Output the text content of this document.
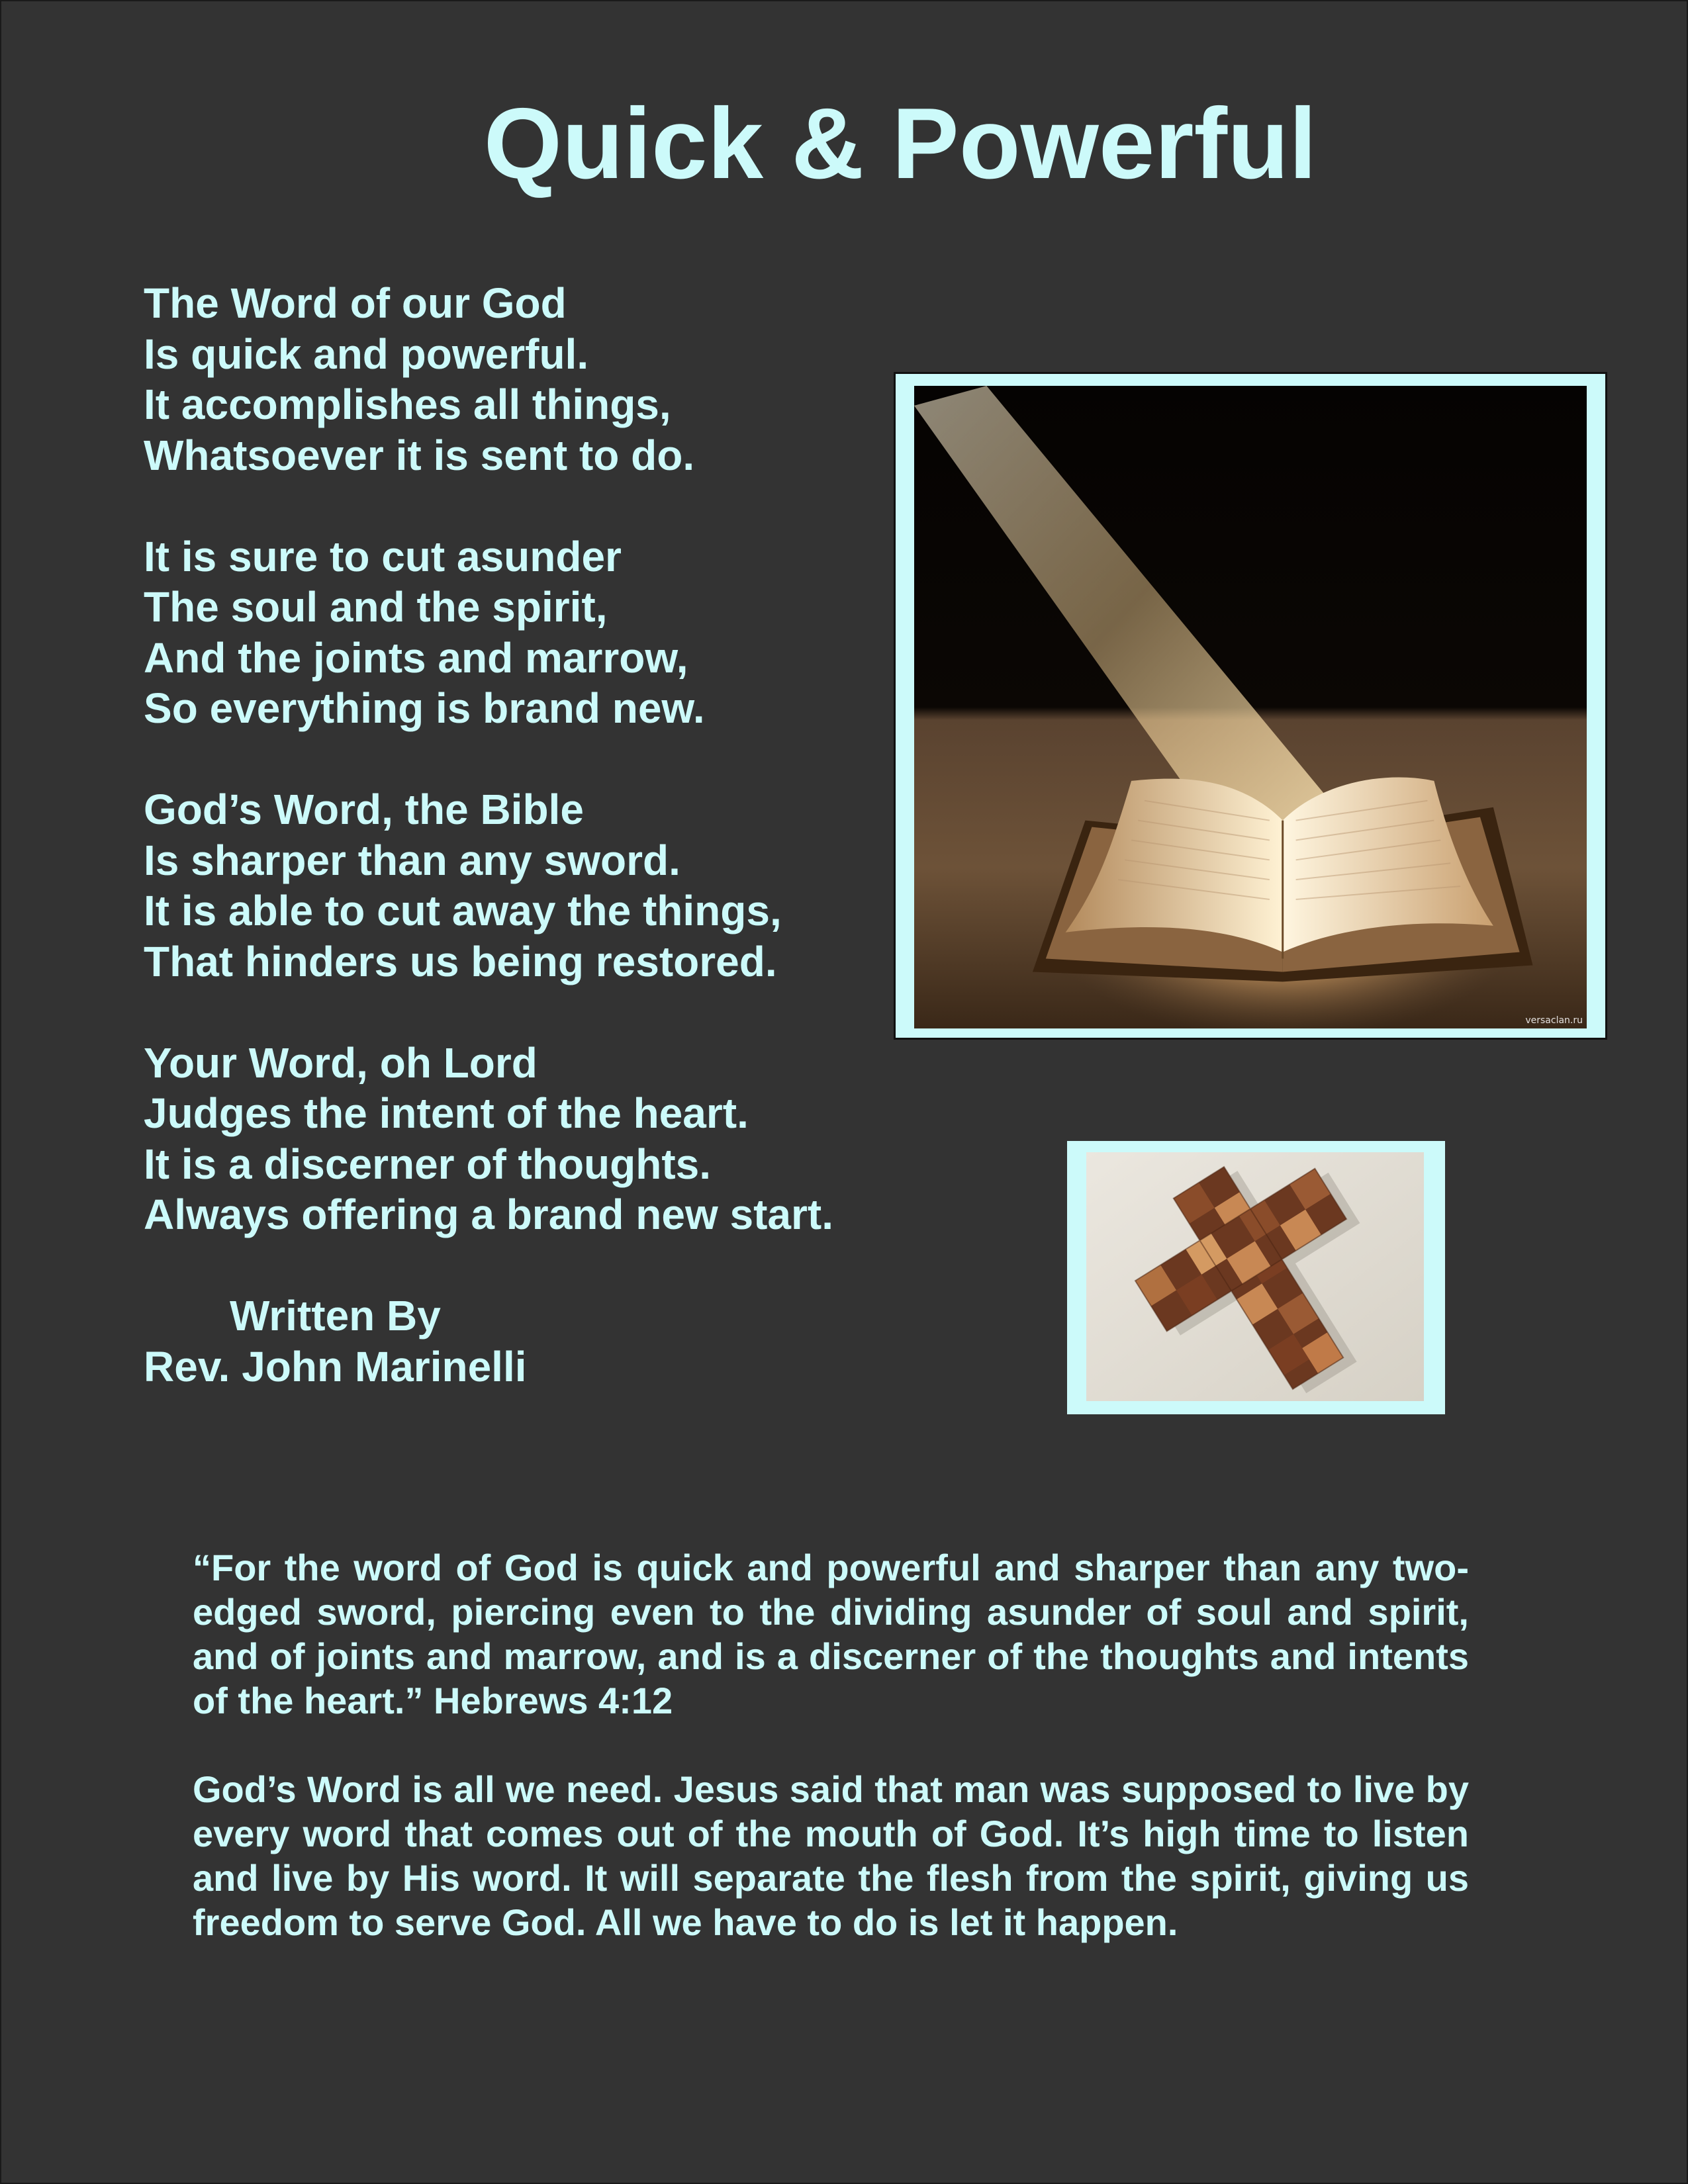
Quick & Powerful
The Word of our God
Is quick and powerful.
It accomplishes all things,
Whatsoever it is sent to do.
It is sure to cut asunder
The soul and the spirit,
And the joints and marrow,
So everything is brand new.
God’s Word, the Bible
Is sharper than any sword.
It is able to cut away the things,
That hinders us being restored.
Your Word, oh Lord
Judges the intent of the heart.
It is a discerner of thoughts.
Always offering a brand new start.
Written By
Rev. John Marinelli
versaclan.ru

“For the word of God is quick and powerful and sharper than any two-edged sword, piercing even to the dividing asunder of soul and spirit, and of joints and marrow, and is a discerner of the thoughts and intents of the heart.” Hebrews 4:12

God’s Word is all we need. Jesus said that man was supposed to live by every word that comes out of the mouth of God. It’s high time to listen and live by His word. It will separate the flesh from the spirit, giving us freedom to serve God. All we have to do is let it happen.
